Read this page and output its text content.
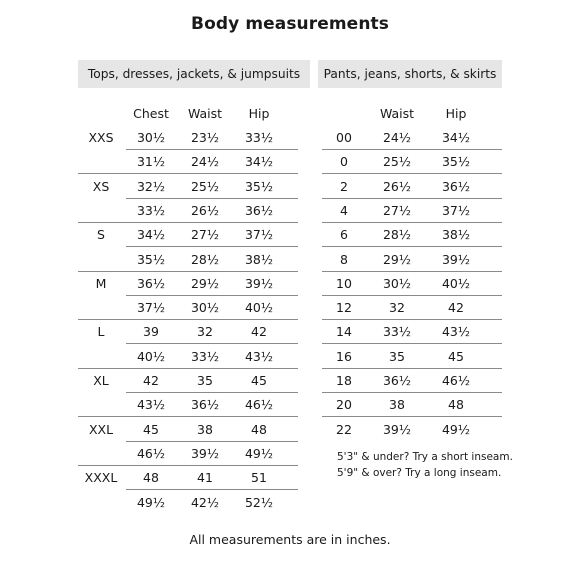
Body measurements
Tops, dresses, jackets, & jumpsuits
Chest Waist Hip
XXS 30½ 23½ 33½
31½ 24½ 34½
XS 32½ 25½ 35½
33½ 26½ 36½
S	34½ 27½ 37½
35½ 28½ 38½
M 36½ 29½ 39½
37½ 30½ 40½
L	39	32	42
40½ 33½ 43½
XL	42	35	45
43½ 36½ 46½
XXL 45	38	48
46½ 39½ 49½
XXXL 48	41	51
49½ 42½ 52½
Pants, jeans, shorts, & skirts
Waist	Hip
00 24½ 34½
0	25½ 35½
2	26½ 36½
4	27½ 37½
6	28½ 38½
8	29½ 39½
10 30½ 40½
12	32	42
14 33½ 43½
16	35	45
18 36½ 46½
20	38	48
22 39½ 49½
5'3" & under? Try a short inseam.
5'9" & over? Try a long inseam.
All measurements are in inches.
